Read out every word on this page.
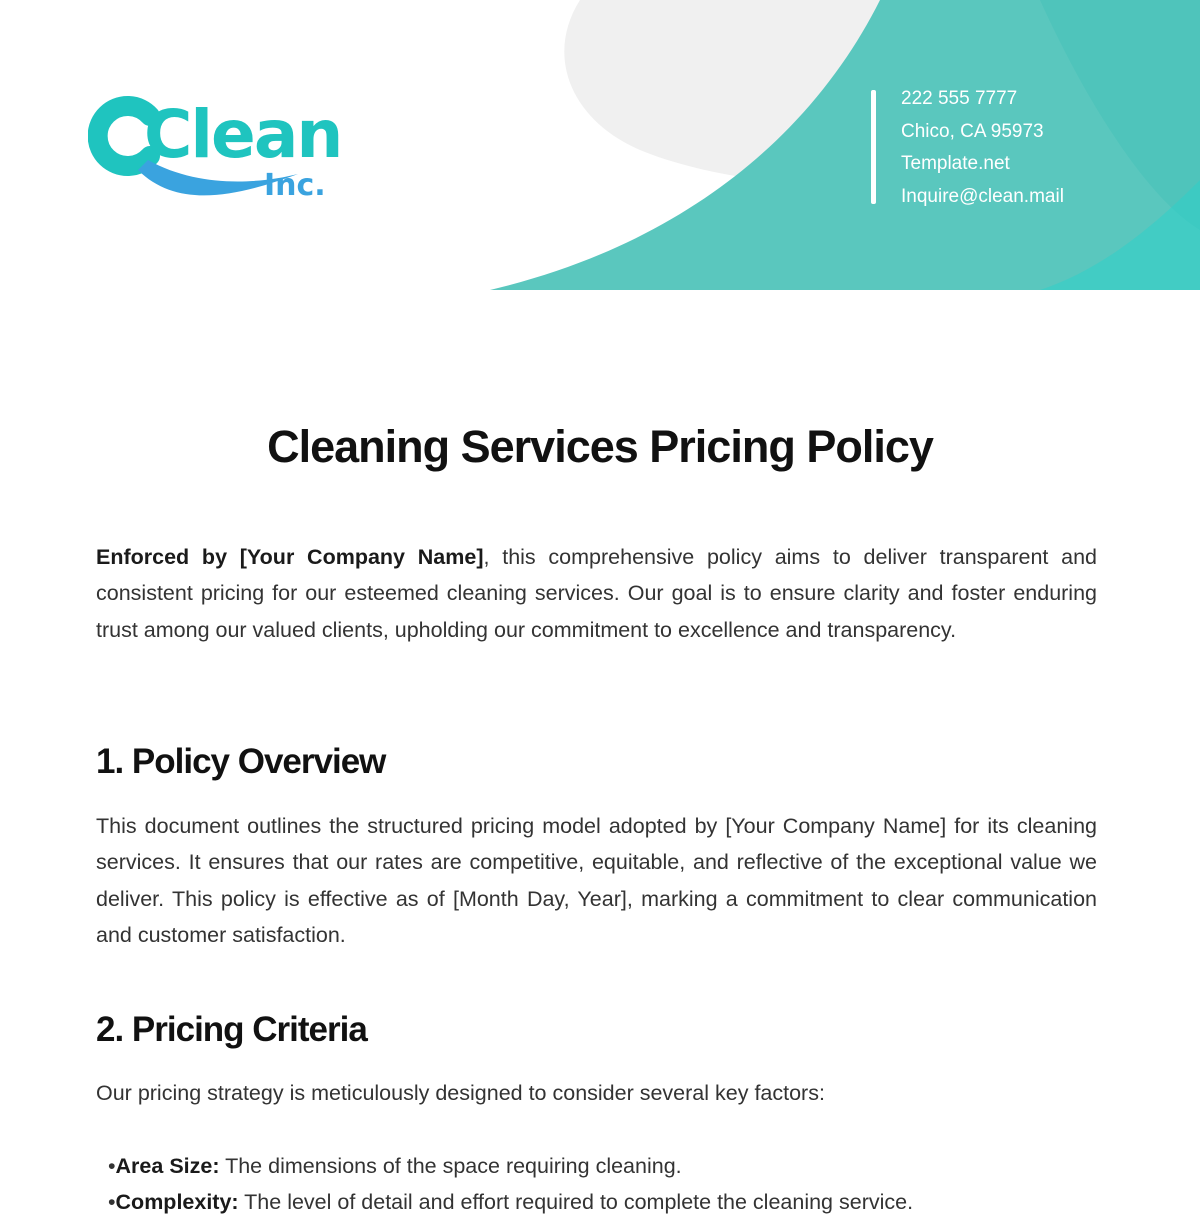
Clean
Inc.
222 555 7777
Chico, CA 95973
Template.net
Inquire@clean.mail
Cleaning Services Pricing Policy

Enforced by [Your Company Name], this comprehensive policy aims to deliver transparent and consistent pricing for our esteemed cleaning services. Our goal is to ensure clarity and foster enduring trust among our valued clients, upholding our commitment to excellence and transparency.

1. Policy Overview

This document outlines the structured pricing model adopted by [Your Company Name] for its cleaning services. It ensures that our rates are competitive, equitable, and reflective of the exceptional value we deliver. This policy is effective as of [Month Day, Year], marking a commitment to clear communication and customer satisfaction.

2. Pricing Criteria

Our pricing strategy is meticulously designed to consider several key factors:

•Area Size: The dimensions of the space requiring cleaning.
•Complexity: The level of detail and effort required to complete the cleaning service.
